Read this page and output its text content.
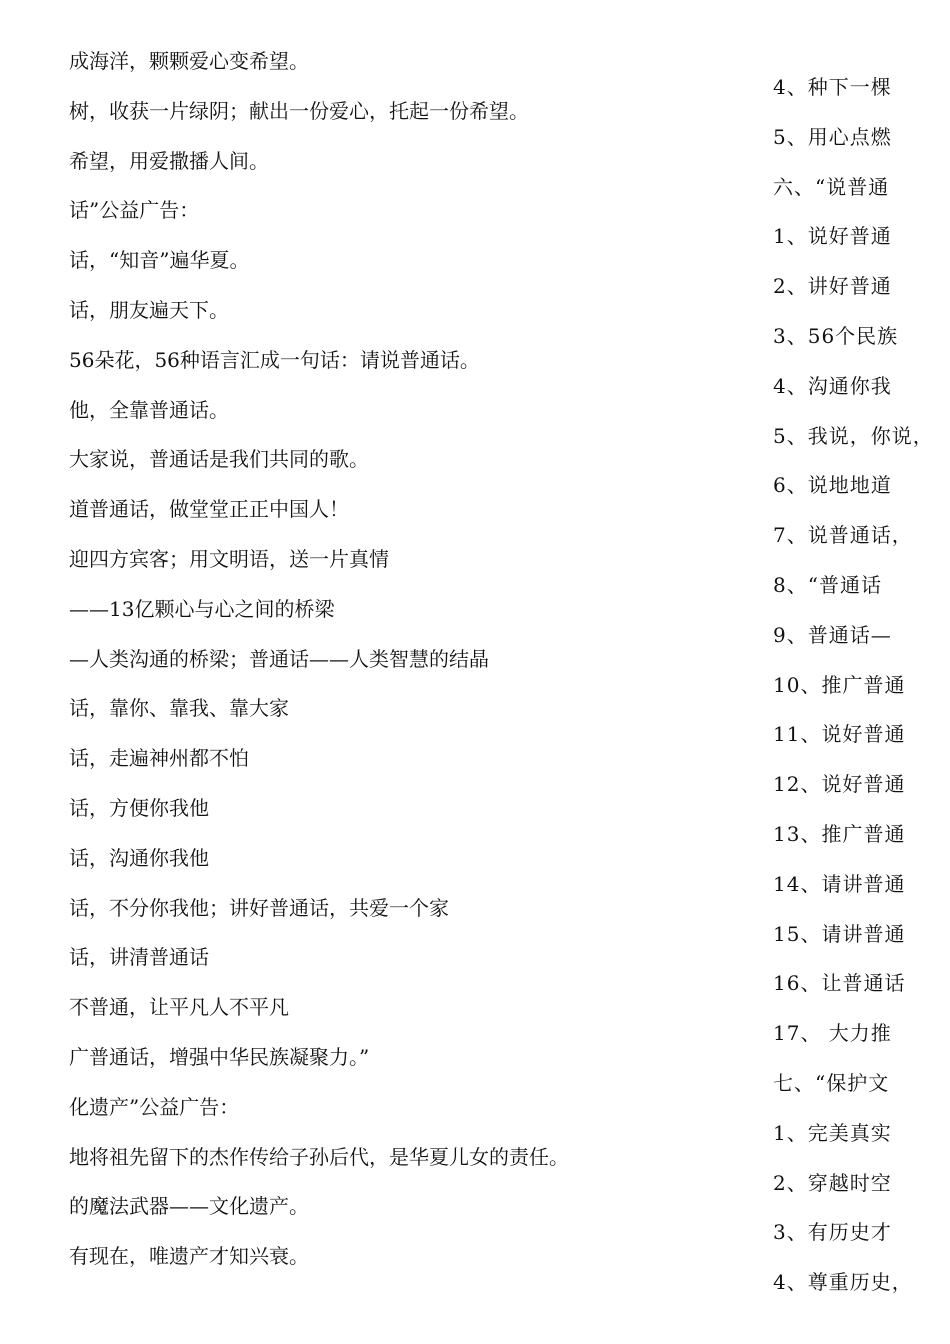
成海洋，颗颗爱心变希望。
树，收获一片绿阴；献出一份爱心，托起一份希望。
希望，用爱撒播人间。
话”公益广告：
话，“知音”遍华夏。
话，朋友遍天下。
56朵花，56种语言汇成一句话：请说普通话。
他，全靠普通话。
大家说，普通话是我们共同的歌。
道普通话，做堂堂正正中国人！
迎四方宾客；用文明语，送一片真情
——13亿颗心与心之间的桥梁
—人类沟通的桥梁；普通话——人类智慧的结晶
话，靠你、靠我、靠大家
话，走遍神州都不怕
话，方便你我他
话，沟通你我他
话，不分你我他；讲好普通话，共爱一个家
话，讲清普通话
不普通，让平凡人不平凡
广普通话，增强中华民族凝聚力。”
化遗产”公益广告：
地将祖先留下的杰作传给子孙后代，是华夏儿女的责任。
的魔法武器——文化遗产。
有现在，唯遗产才知兴衰。
4、种下一棵
5、用心点燃
六、“说普通
1、说好普通
2、讲好普通
3、56个民族
4、沟通你我
5、我说，你说，
6、说地地道
7、说普通话，
8、“普通话
9、普通话—
10、推广普通
11、说好普通
12、说好普通
13、推广普通
14、请讲普通
15、请讲普通
16、让普通话
17、 大力推
七、“保护文
1、完美真实
2、穿越时空
3、有历史才
4、尊重历史，
